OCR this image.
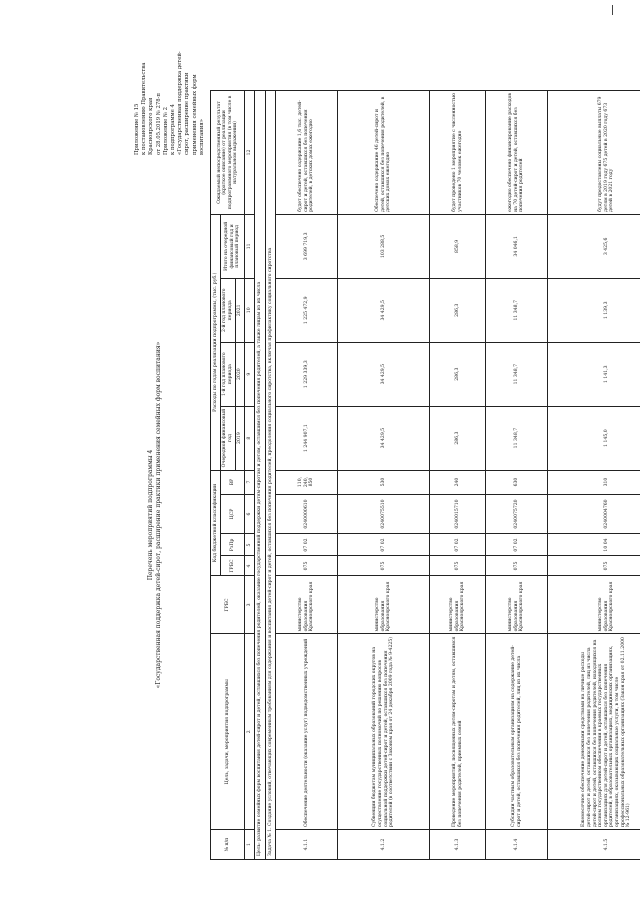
Приложение № 15 к постановлению Правительства Красноярского края от 28.05.2019 № 278-п Приложение № 2 к подпрограмме 4 «Государственная поддержка детей- сирот, расширение практики применения семейных форм воспитания»
Перечень мероприятий подпрограммы 4 «Государственная поддержка детей-сирот, расширение практики применения семейных форм воспитания»
№ п/п	Цель, задачи, мероприятия подпрограммы	ГРБС	Код бюджетной классификации				Расходы по годам реализации подпрограммы, (тыс. руб.)				Ожидаемый непосредственный результат (краткое описание) от реализации подпрограммного мероприятия (в том числе в натуральном выражении)
			ГРБС	РзПр	ЦСР	ВР	Очередной финансовый год	1-й год планового периода	2-й год планового периода	Итого на очередной финансовый год и плановый период	
							2019	2020	2021		
1	2	3	4	5	6	7	8	9	10	11	12
Цель: развитие семейных форм воспитания детей-сирот и детей, оставшихся без попечения родителей, оказание государственной поддержки детям-сиротам и детям, оставшимся без попечения родителей, а также лицам из их числа											
Задача № 1. Создание условий, отвечающих современным требованиям для содержания и воспитания детей-сирот и детей, оставшихся без попечения родителей, преодоления социального сиротства, включая профилактику социального сиротства											
4.1.1	Обеспечение деятельности (оказание услуг) подведомственных учреждений	министерство образования Красноярского края	075	07 02	0240000610	110, 240, 850	1 244 907,1	1 229 339,3	1 225 472,9	3 699 719,3	будет обеспечено содержание 1,6 тыс. детей-сирот и детей, оставшихся без попечения родителей, в детских домах ежегодно
4.1.2	Субвенции бюджетам муниципальных образований городских округов на осуществление государственных полномочий по решению вопросов социальной поддержки детей-сирот и детей, оставшихся без попечения родителей (в соответствии с Законом края от 24 декабря 2009 года № 9-4225)	министерство образования Красноярского края	075	07 02	0240075510	530	34 429,5	34 429,5	34 429,5	103 288,5	Обеспечено содержание 46 детей-сирот и детей, оставшихся без попечения родителей, в детских домах ежегодно
4.1.3	Проведение мероприятий, посвященных детям-сиротам и детям, оставшимся без попечения родителей, приемных семей	министерство образования Красноярского края	075	07 02	0240015710	240	286,3	286,3	286,3	858,9	будет проведено 1 мероприятие с численностью участников 70 человек ежегодно
4.1.4	Субсидии частным образовательным организациям на содержание детей-сирот и детей, оставшихся без попечения родителей, лиц из их числа	министерство образования Красноярского края	075	07 02	0240075720	630	11 348,7	11 348,7	11 348,7	34 046,1	ежегодно обеспечено финансирование расходов на 70 детей-сирот и детей, оставшихся без попечения родителей
4.1.5	Ежемесячное обеспечение денежными средствами на личные расходы детей-сирот и детей, оставшихся без попечения родителей, лиц из числа детей-сирот и детей, оставшихся без попечения родителей, находящихся на полном государственном обеспечении в краевых государственных организациях для детей-сирот и детей, оставшихся без попечения родителей, в образовательных организациях, медицинских организациях, организациях, оказывающих социальные услуги, в том числе профессиональных образовательных организациях (Закон края от 02.11.2000 № 12-961)	министерство образования Красноярского края	075	10 04	0240004760	310	1 145,0	1 141,3	1 139,3	3 425,6	будут предоставлены социальные выплаты 679 детям в 2019 году 675 детей в 2020 году 673 детей в 2021 году
